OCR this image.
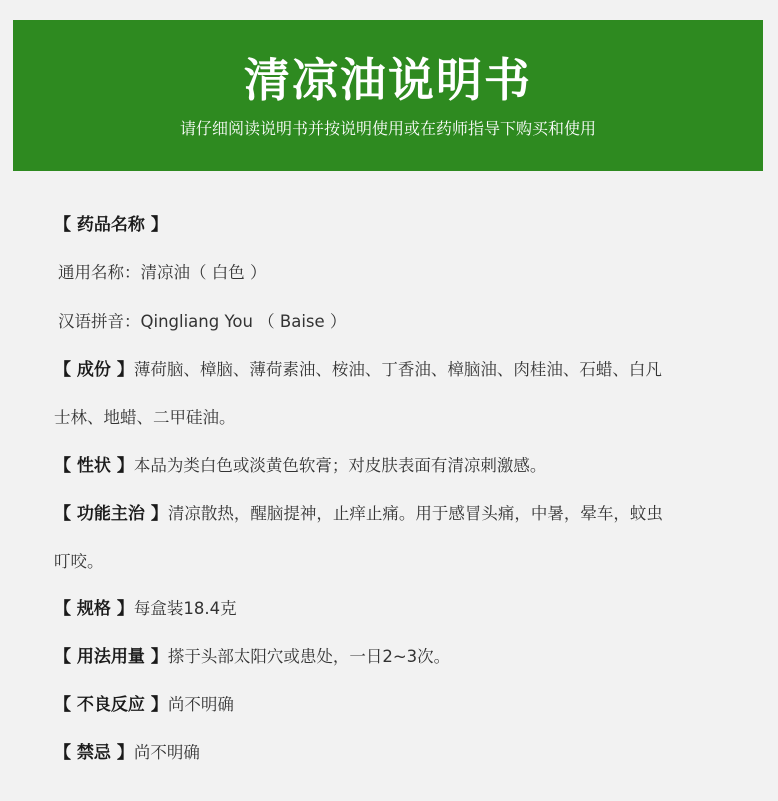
清凉油说明书
请仔细阅读说明书并按说明使用或在药师指导下购买和使用
【 药品名称 】
通用名称：清凉油（ 白色 ）
汉语拼音：Qingliang You （ Baise ）
【 成份 】薄荷脑、樟脑、薄荷素油、桉油、丁香油、樟脑油、肉桂油、石蜡、白凡
士林、地蜡、二甲硅油。
【 性状 】本品为类白色或淡黄色软膏；对皮肤表面有清凉刺激感。
【 功能主治 】清凉散热，醒脑提神，止痒止痛。用于感冒头痛，中暑，晕车，蚊虫
叮咬。
【 规格 】每盒装18.4克
【 用法用量 】搽于头部太阳穴或患处，一日2~3次。
【 不良反应 】尚不明确
【 禁忌 】尚不明确
